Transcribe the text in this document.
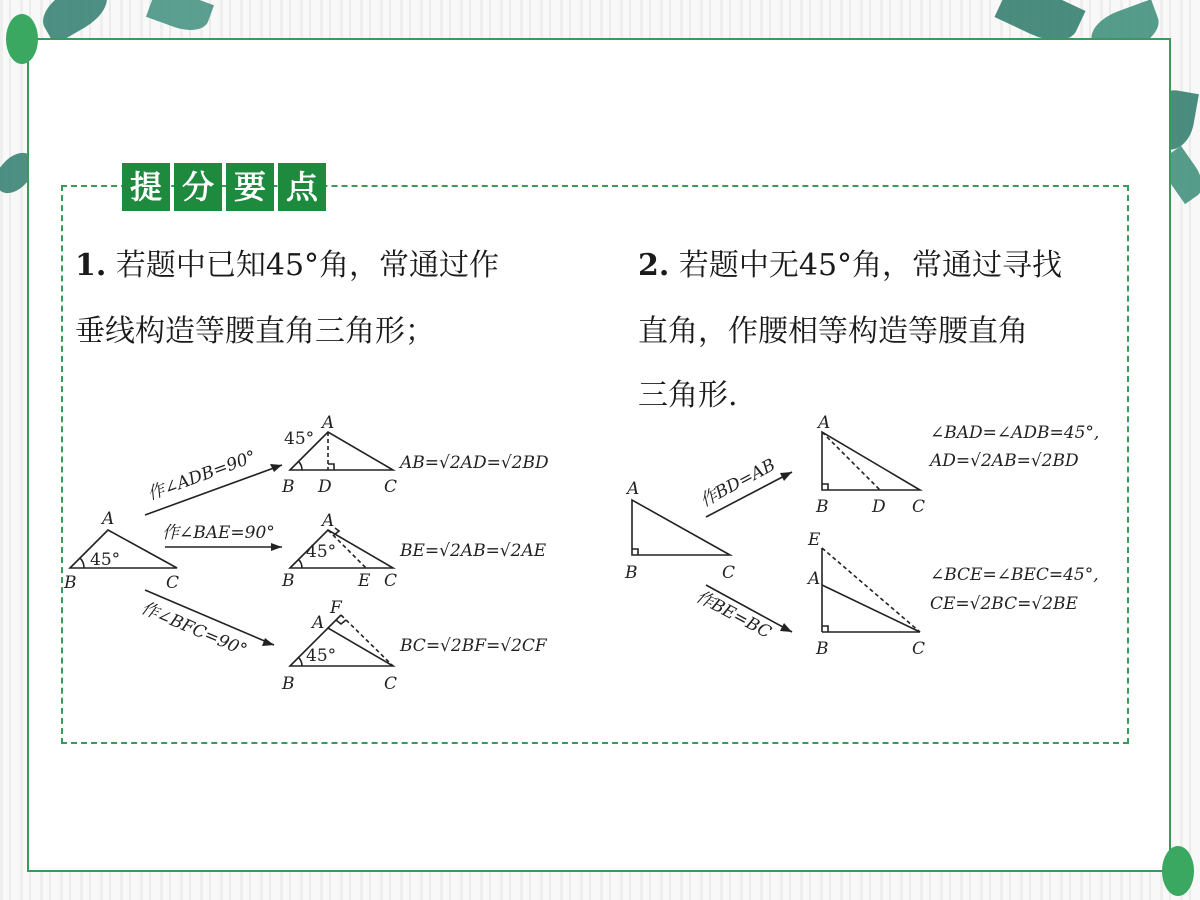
提 分 要 点
1. 若题中已知45°角，常通过作
垂线构造等腰直角三角形；
2. 若题中无45°角，常通过寻找
直角，作腰相等构造等腰直角
三角形.
A
B	C
45°
作∠ADB=90°
作∠BAE=90°
作∠BFC=90°
A
45°
B D	C
AB=√2AD=√2BD
A
45°
B	E C
BE=√2AB=√2AE
A
F
45°
B	C
BC=√2BF=√2CF
A
B	C
作BD=AB
作BE=BC
A
B	D C
∠BAD=∠ADB=45°,
AD=√2AB=√2BD
E
A
B	C
∠BCE=∠BEC=45°,
CE=√2BC=√2BE
